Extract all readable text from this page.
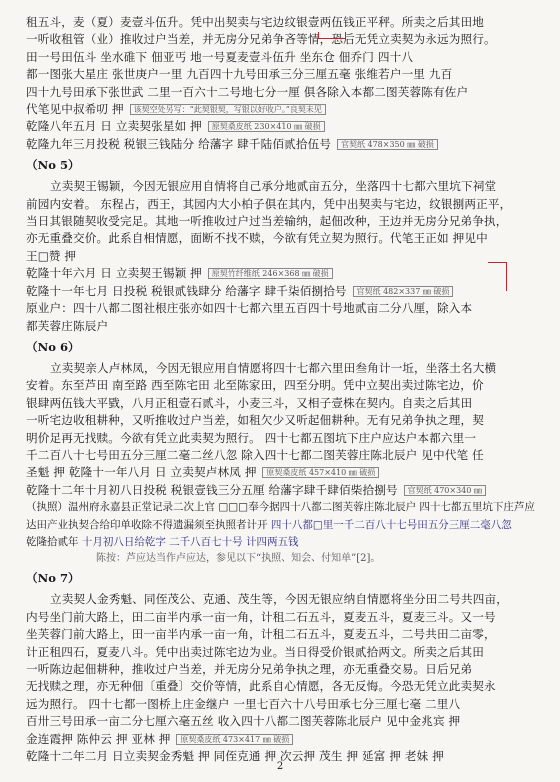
租五斗，麦（夏）麦壹斗伍升。凭中出契卖与宅边纹银壹两伍钱正平秤。所卖之后其田地
一听收租管（业）推收过户当差，并无房分兄弟争吝等情，恐后无凭立卖契为永远为照行。
田一号田伍斗 坐水碓下 佃亚丐 地一号夏麦壹斗伍升 坐东仓 佃乔门 四十八
都一图张大星庄 张世庚户一里 九百四十九号田承三分三厘五毫 张维若户一里 九百
四十九号田承下张世武 二里一百六十二号地七分一厘 俱各除入本都二图芙蓉陈有佐户
代笔见中叔希叨 押 该契空处另写：“此契银契，写银以好收户。”良契未见
乾隆八年五月 日 立卖契张星如 押 原契桑皮纸 230×410 ㎜ 破损
乾隆九年三月投税 税银三钱陆分 给藩字 肆千陆佰贰拾伍号 官契纸 478×350 ㎜ 破损
（No 5）
立卖契王锡颖，今因无银应用自情将自己承分地贰亩五分，坐落四十七都六里坑下祠堂
前园内安着。 东程占，西王，其园内大小柏子俱在其内，凭中出契卖与宅边，纹银捌两正平，
当日其银随契收受完足。其地一听推收过户过当差输纳，起佃改种，王边并无房分兄弟争执，
亦无重叠交价。此系自相情愿，面断不找不赎，今欲有凭立契为照行。代笔王正如 押见中
王□赞 押
乾隆十年六月 日 立卖契王锡颖 押 原契竹纤维纸 246×368 ㎜ 破损
乾隆十一年七月 日投税 税银贰钱肆分 给藩字 肆千柒佰捌拾号 官契纸 482×337 ㎜ 破损
原业户：四十八都二图社根庄张亦如四十七都六里五百四十号地贰亩二分八厘，除入本
都芙蓉庄陈辰户
（No 6）
立卖契亲人卢林凤，今因无银应用自情愿将四十七都六里田叁角计一坵，坐落土名大横
安着。东至芦田 南至路 西至陈宅田 北至陈家田，四至分明。凭中立契出卖过陈宅边，价
银肆两伍钱大平戥，八月正租壹石贰斗，小麦三斗，又相子壹株在契内。自卖之后其田
一听宅边收租耕种，又听推收过户当差，如租欠少又听起佃耕种。无有兄弟争执之理，契
明价足再无找赎。今欲有凭立此卖契为照行。 四十七都五图坑下庄户应达户本都六里一
千二百八十七号田五分三厘二毫二丝八忽 除入四十七都二图芙蓉庄陈北辰户 见中代笔 任
圣魁 押 乾隆十一年八月 日 立卖契卢林凤 押 原契桑皮纸 457×410 ㎜ 破损
乾隆十二年十月初八日投税 税银壹钱三分五厘 给藩字肆千肆佰柴拾捌号 官契纸 470×340 ㎜
（执照）温州府永嘉县正堂记录二次上官 □□□奉今据四十八都二图芙蓉庄陈北辰户 四十七都五里坑下庄芦应
达田产业执契合给印单收除不得遗漏须至执照者计开 四十八都□里一千二百八十七号田五分三厘二毫八忽
乾隆拾贰年 十月初八日给乾字 二千八百七十号 计四两五钱
陈按：芦应达当作卢应达，参见以下“执照、知会、付知单”[2]。
（No 7）
立卖契人金秀魁、同侄茂公、克通、茂生等，今因无银应纳自情愿将坐分田二号共四亩，
内号坐门前大路上，田二亩半内承一亩一角，计租二石五斗，夏麦五斗，夏麦三斗。又一号
坐芙蓉门前大路上，田一亩半内承一亩一角，计租二石五斗，夏麦五斗，二号共田二亩零，
计正租四石，夏麦八斗。凭中出卖过陈宅边为业。当日得受价银贰拾两文。所卖之后其田
一听陈边起佃耕种，推收过户当差，并无房分兄弟争执之理，亦无重叠交易。日后兄弟
无找赎之理，亦无种佃〔重叠〕交价等情，此系自心情愿，各无反悔。今恐无凭立此卖契永
远为照行。 四十七都一图桥上庄金继户 一里七百六十八号田承七分三厘七毫 二里八
百卅三号田承一亩二分七厘六毫五丝 收入四十八都二图芙蓉陈北辰户 见中金兆宾 押
金连霞押 陈仲云 押 亚林 押 原契桑皮纸 473×417 ㎜ 破损
乾隆十二年二月 日立卖契金秀魁 押 同侄克通 押 次云押 茂生 押 延富 押 老妹 押
2
